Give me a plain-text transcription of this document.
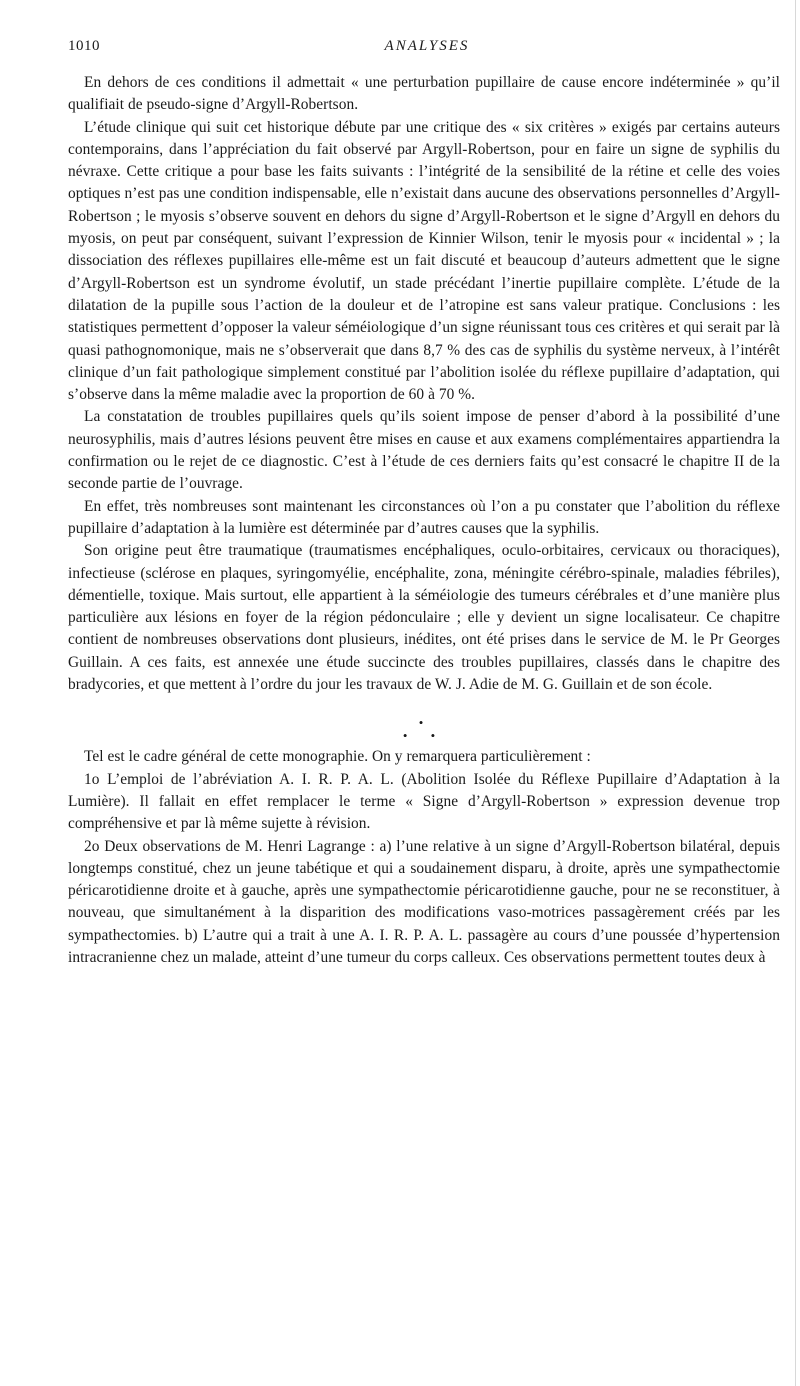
1010	ANALYSES

En dehors de ces conditions il admettait « une perturbation pupillaire de cause encore indéterminée » qu’il qualifiait de pseudo-signe d’Argyll-Robertson.

L’étude clinique qui suit cet historique débute par une critique des « six critères » exigés par certains auteurs contemporains, dans l’appréciation du fait observé par Argyll-Robertson, pour en faire un signe de syphilis du névraxe. Cette critique a pour base les faits suivants : l’intégrité de la sensibilité de la rétine et celle des voies optiques n’est pas une condition indispensable, elle n’existait dans aucune des observations personnelles d’Argyll-Robertson ; le myosis s’observe souvent en dehors du signe d’Argyll-Robertson et le signe d’Argyll en dehors du myosis, on peut par conséquent, suivant l’expression de Kinnier Wilson, tenir le myosis pour « incidental » ; la dissociation des réflexes pupillaires elle-même est un fait discuté et beaucoup d’auteurs admettent que le signe d’Argyll-Robertson est un syndrome évolutif, un stade précédant l’inertie pupillaire complète. L’étude de la dilatation de la pupille sous l’action de la douleur et de l’atropine est sans valeur pratique. Conclusions : les statistiques permettent d’opposer la valeur séméiologique d’un signe réunissant tous ces critères et qui serait par là quasi pathognomonique, mais ne s’observerait que dans 8,7 % des cas de syphilis du système nerveux, à l’intérêt clinique d’un fait pathologique simplement constitué par l’abolition isolée du réflexe pupillaire d’adaptation, qui s’observe dans la même maladie avec la proportion de 60 à 70 %.

La constatation de troubles pupillaires quels qu’ils soient impose de penser d’abord à la possibilité d’une neurosyphilis, mais d’autres lésions peuvent être mises en cause et aux examens complémentaires appartiendra la confirmation ou le rejet de ce diagnostic. C’est à l’étude de ces derniers faits qu’est consacré le chapitre II de la seconde partie de l’ouvrage.

En effet, très nombreuses sont maintenant les circonstances où l’on a pu constater que l’abolition du réflexe pupillaire d’adaptation à la lumière est déterminée par d’autres causes que la syphilis.

Son origine peut être traumatique (traumatismes encéphaliques, oculo-orbitaires, cervicaux ou thoraciques), infectieuse (sclérose en plaques, syringomyélie, encéphalite, zona, méningite cérébro-spinale, maladies fébriles), démentielle, toxique. Mais surtout, elle appartient à la séméiologie des tumeurs cérébrales et d’une manière plus particulière aux lésions en foyer de la région pédonculaire ; elle y devient un signe localisateur. Ce chapitre contient de nombreuses observations dont plusieurs, inédites, ont été prises dans le service de M. le Pr Georges Guillain. A ces faits, est annexée une étude succincte des troubles pupillaires, classés dans le chapitre des bradycories, et que mettent à l’ordre du jour les travaux de W. J. Adie de M. G. Guillain et de son école.

•
• •

Tel est le cadre général de cette monographie. On y remarquera particulièrement :

1o L’emploi de l’abréviation A. I. R. P. A. L. (Abolition Isolée du Réflexe Pupillaire d’Adaptation à la Lumière). Il fallait en effet remplacer le terme « Signe d’Argyll-Robertson » expression devenue trop compréhensive et par là même sujette à révision.

2o Deux observations de M. Henri Lagrange : a) l’une relative à un signe d’Argyll-Robertson bilatéral, depuis longtemps constitué, chez un jeune tabétique et qui a soudainement disparu, à droite, après une sympathectomie péricarotidienne droite et à gauche, après une sympathectomie péricarotidienne gauche, pour ne se reconstituer, à nouveau, que simultanément à la disparition des modifications vaso-motrices passagèrement créés par les sympathectomies. b) L’autre qui a trait à une A. I. R. P. A. L. passagère au cours d’une poussée d’hypertension intracranienne chez un malade, atteint d’une tumeur du corps calleux. Ces observations permettent toutes deux à
